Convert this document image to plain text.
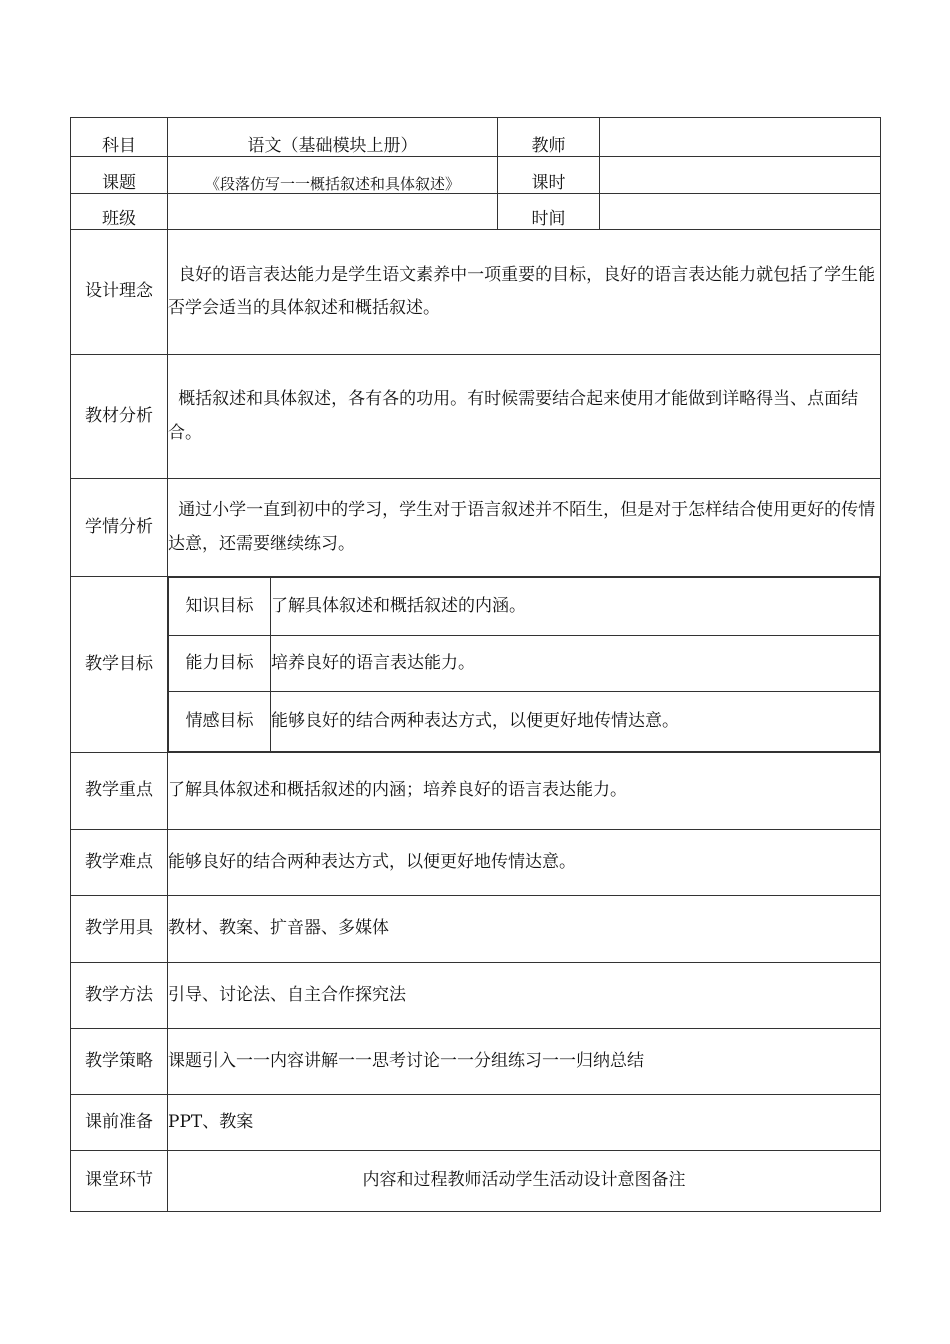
科目	语文（基础模块上册）	教师	
课题	《段落仿写一一概括叙述和具体叙述》	课时	
班级		时间	
设计理念	良好的语言表达能力是学生语文素养中一项重要的目标，良好的语言表达能力就包括了学生能否学会适当的具体叙述和概括叙述。
教材分析	概括叙述和具体叙述，各有各的功用。有时候需要结合起来使用才能做到详略得当、点面结合。
学情分析	通过小学一直到初中的学习，学生对于语言叙述并不陌生，但是对于怎样结合使用更好的传情达意，还需要继续练习。
教学目标	
知识目标	了解具体叙述和概括叙述的内涵。
能力目标	培养良好的语言表达能力。
情感目标	能够良好的结合两种表达方式，以便更好地传情达意。

教学重点	了解具体叙述和概括叙述的内涵；培养良好的语言表达能力。
教学难点	能够良好的结合两种表达方式，以便更好地传情达意。
教学用具	教材、教案、扩音器、多媒体
教学方法	引导、讨论法、自主合作探究法
教学策略	课题引入一一内容讲解一一思考讨论一一分组练习一一归纳总结
课前准备	PPT、教案
课堂环节	内容和过程教师活动学生活动设计意图备注
